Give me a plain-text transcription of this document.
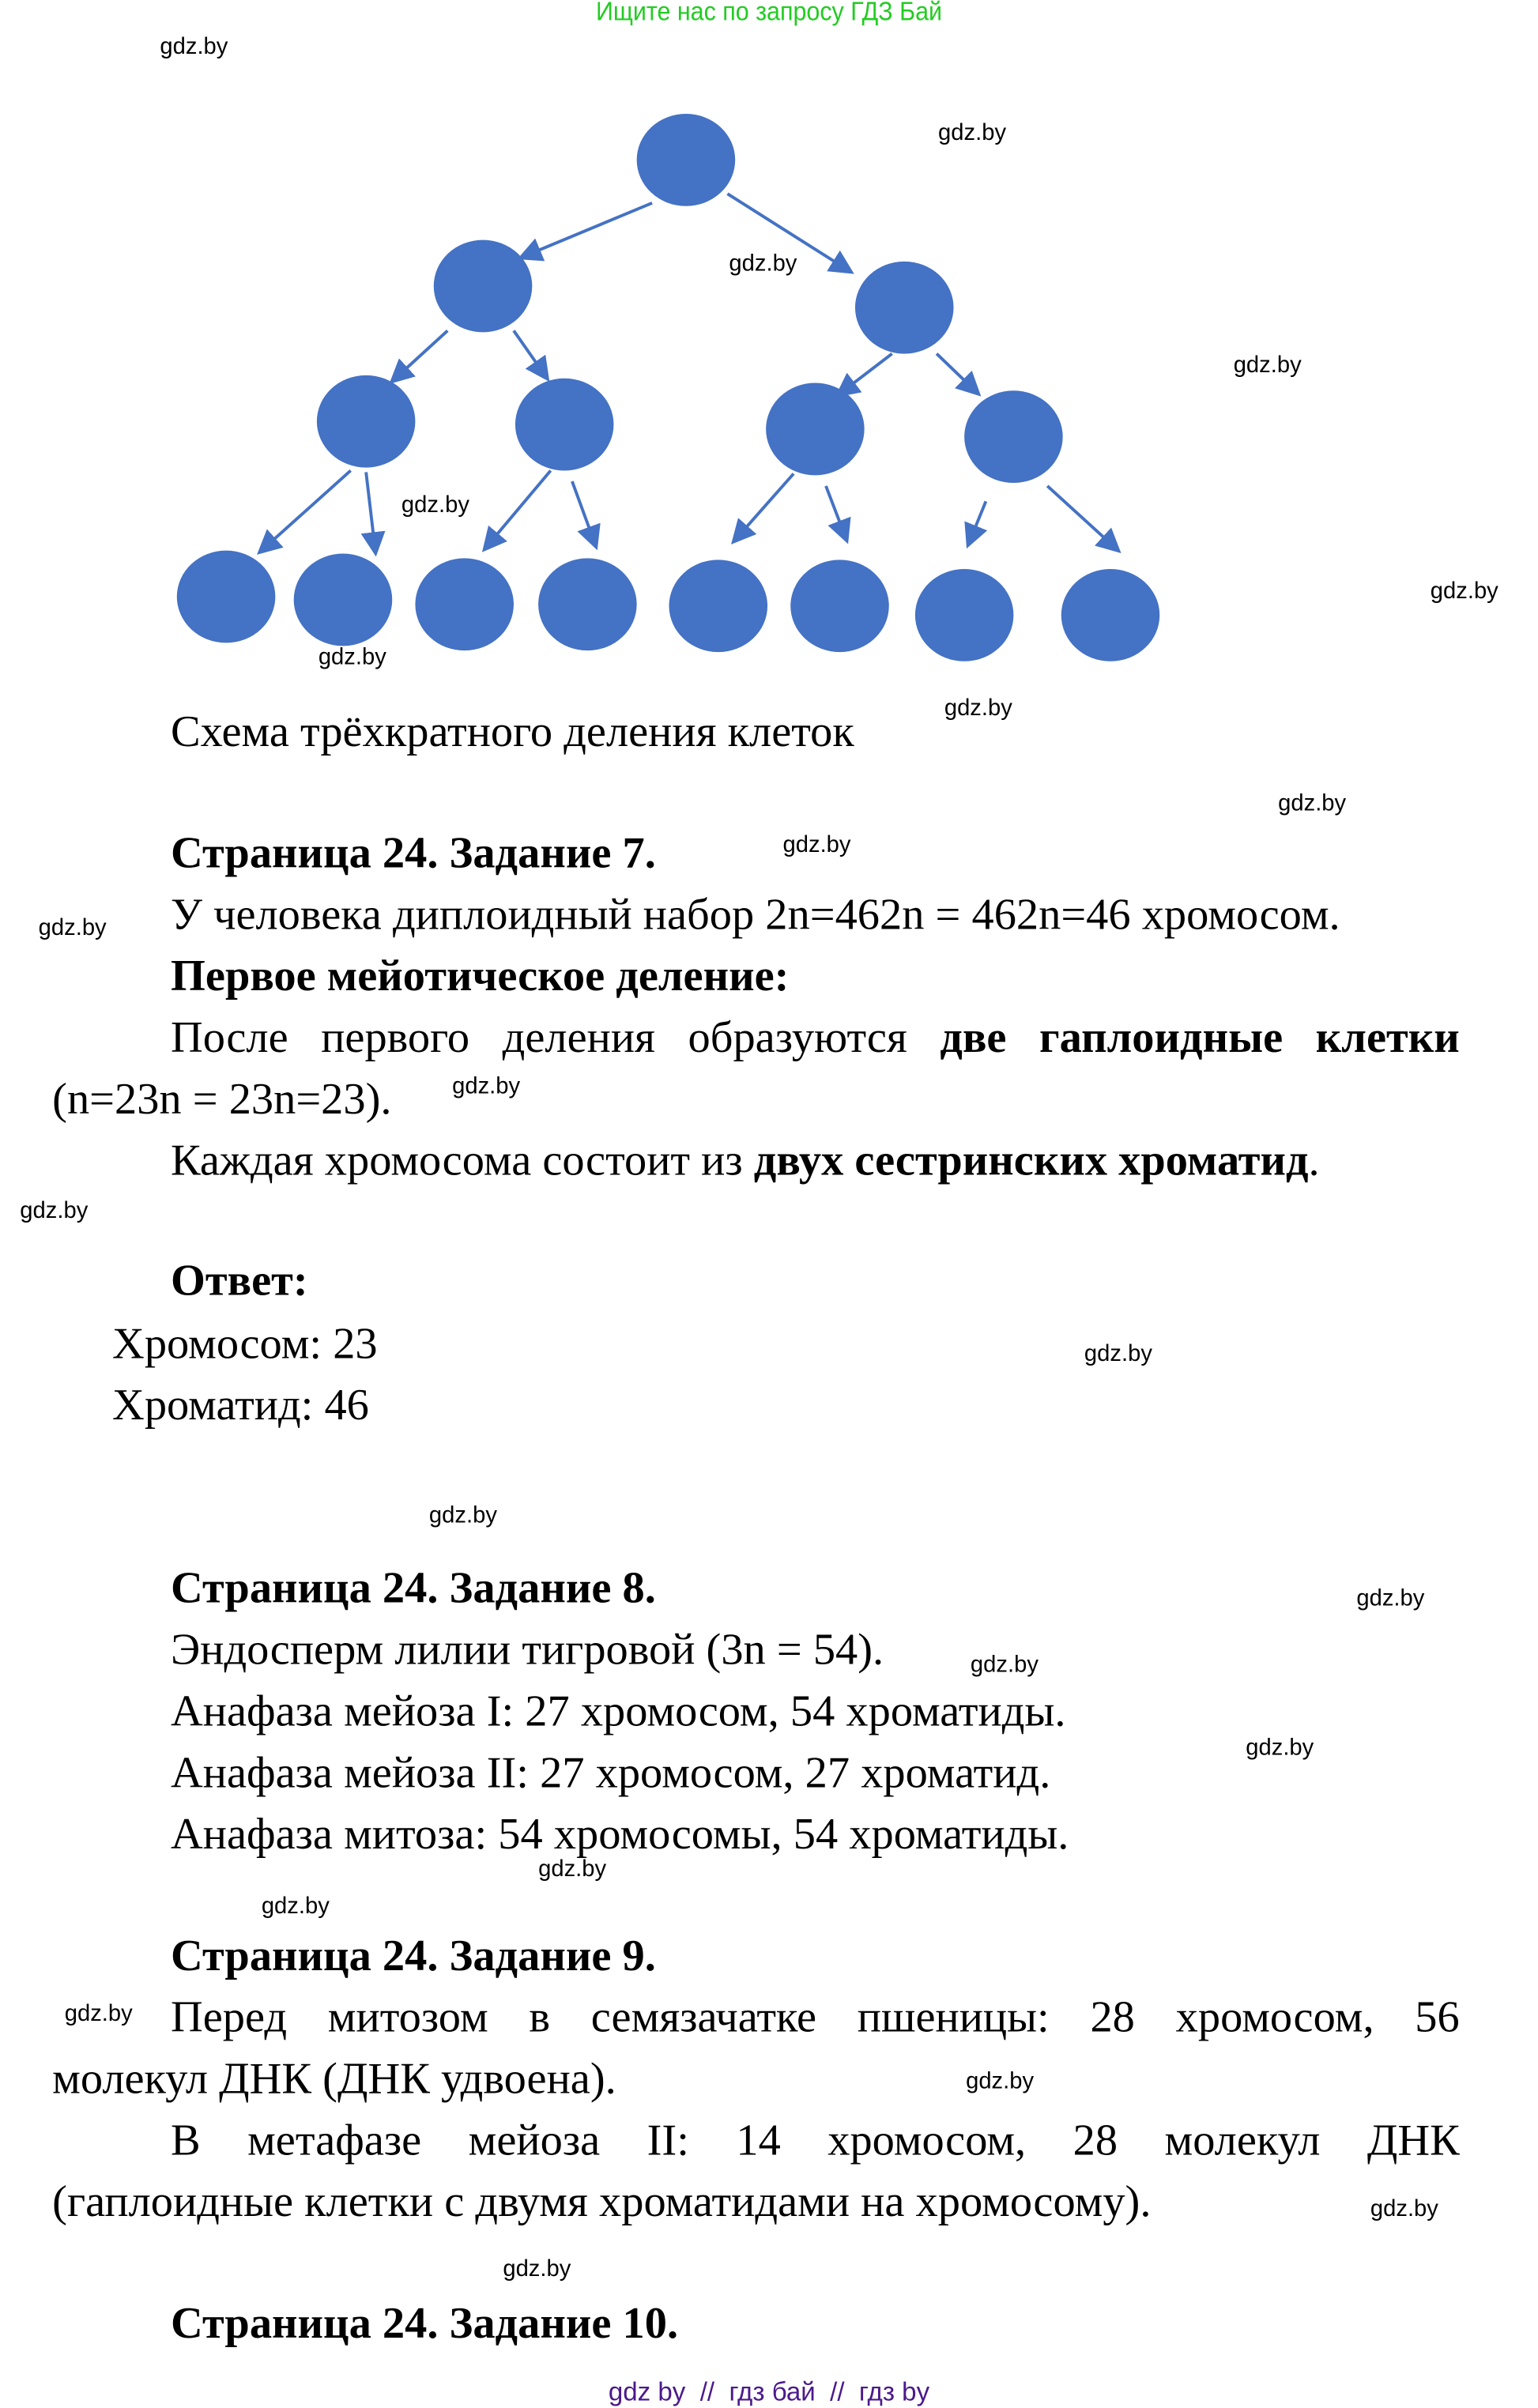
Ищите нас по запросу ГДЗ Бай
Схема трёхкратного деления клеток
Страница 24. Задание 7.
У человека диплоидный набор 2n=462n = 462n=46 хромосом.
Первое мейотическое деление:
После первого деления образуются две гаплоидные клетки
(n=23n = 23n=23).
Каждая хромосома состоит из двух сестринских хроматид.
Ответ:
Хромосом: 23
Хроматид: 46
Страница 24. Задание 8.
Эндосперм лилии тигровой (3n = 54).
Анафаза мейоза I: 27 хромосом, 54 хроматиды.
Анафаза мейоза II: 27 хромосом, 27 хроматид.
Анафаза митоза: 54 хромосомы, 54 хроматиды.
Страница 24. Задание 9.
Перед митозом в семязачатке пшеницы: 28 хромосом, 56
молекул ДНК (ДНК удвоена).
В метафазе мейоза II: 14 хромосом, 28 молекул ДНК
(гаплоидные клетки с двумя хроматидами на хромосому).
Страница 24. Задание 10.
gdz by  //  гдз бай  //  гдз by
gdz.by
gdz.by
gdz.by
gdz.by
gdz.by
gdz.by
gdz.by
gdz.by
gdz.by
gdz.by
gdz.by
gdz.by
gdz.by
gdz.by
gdz.by
gdz.by
gdz.by
gdz.by
gdz.by
gdz.by
gdz.by
gdz.by
gdz.by
gdz.by
